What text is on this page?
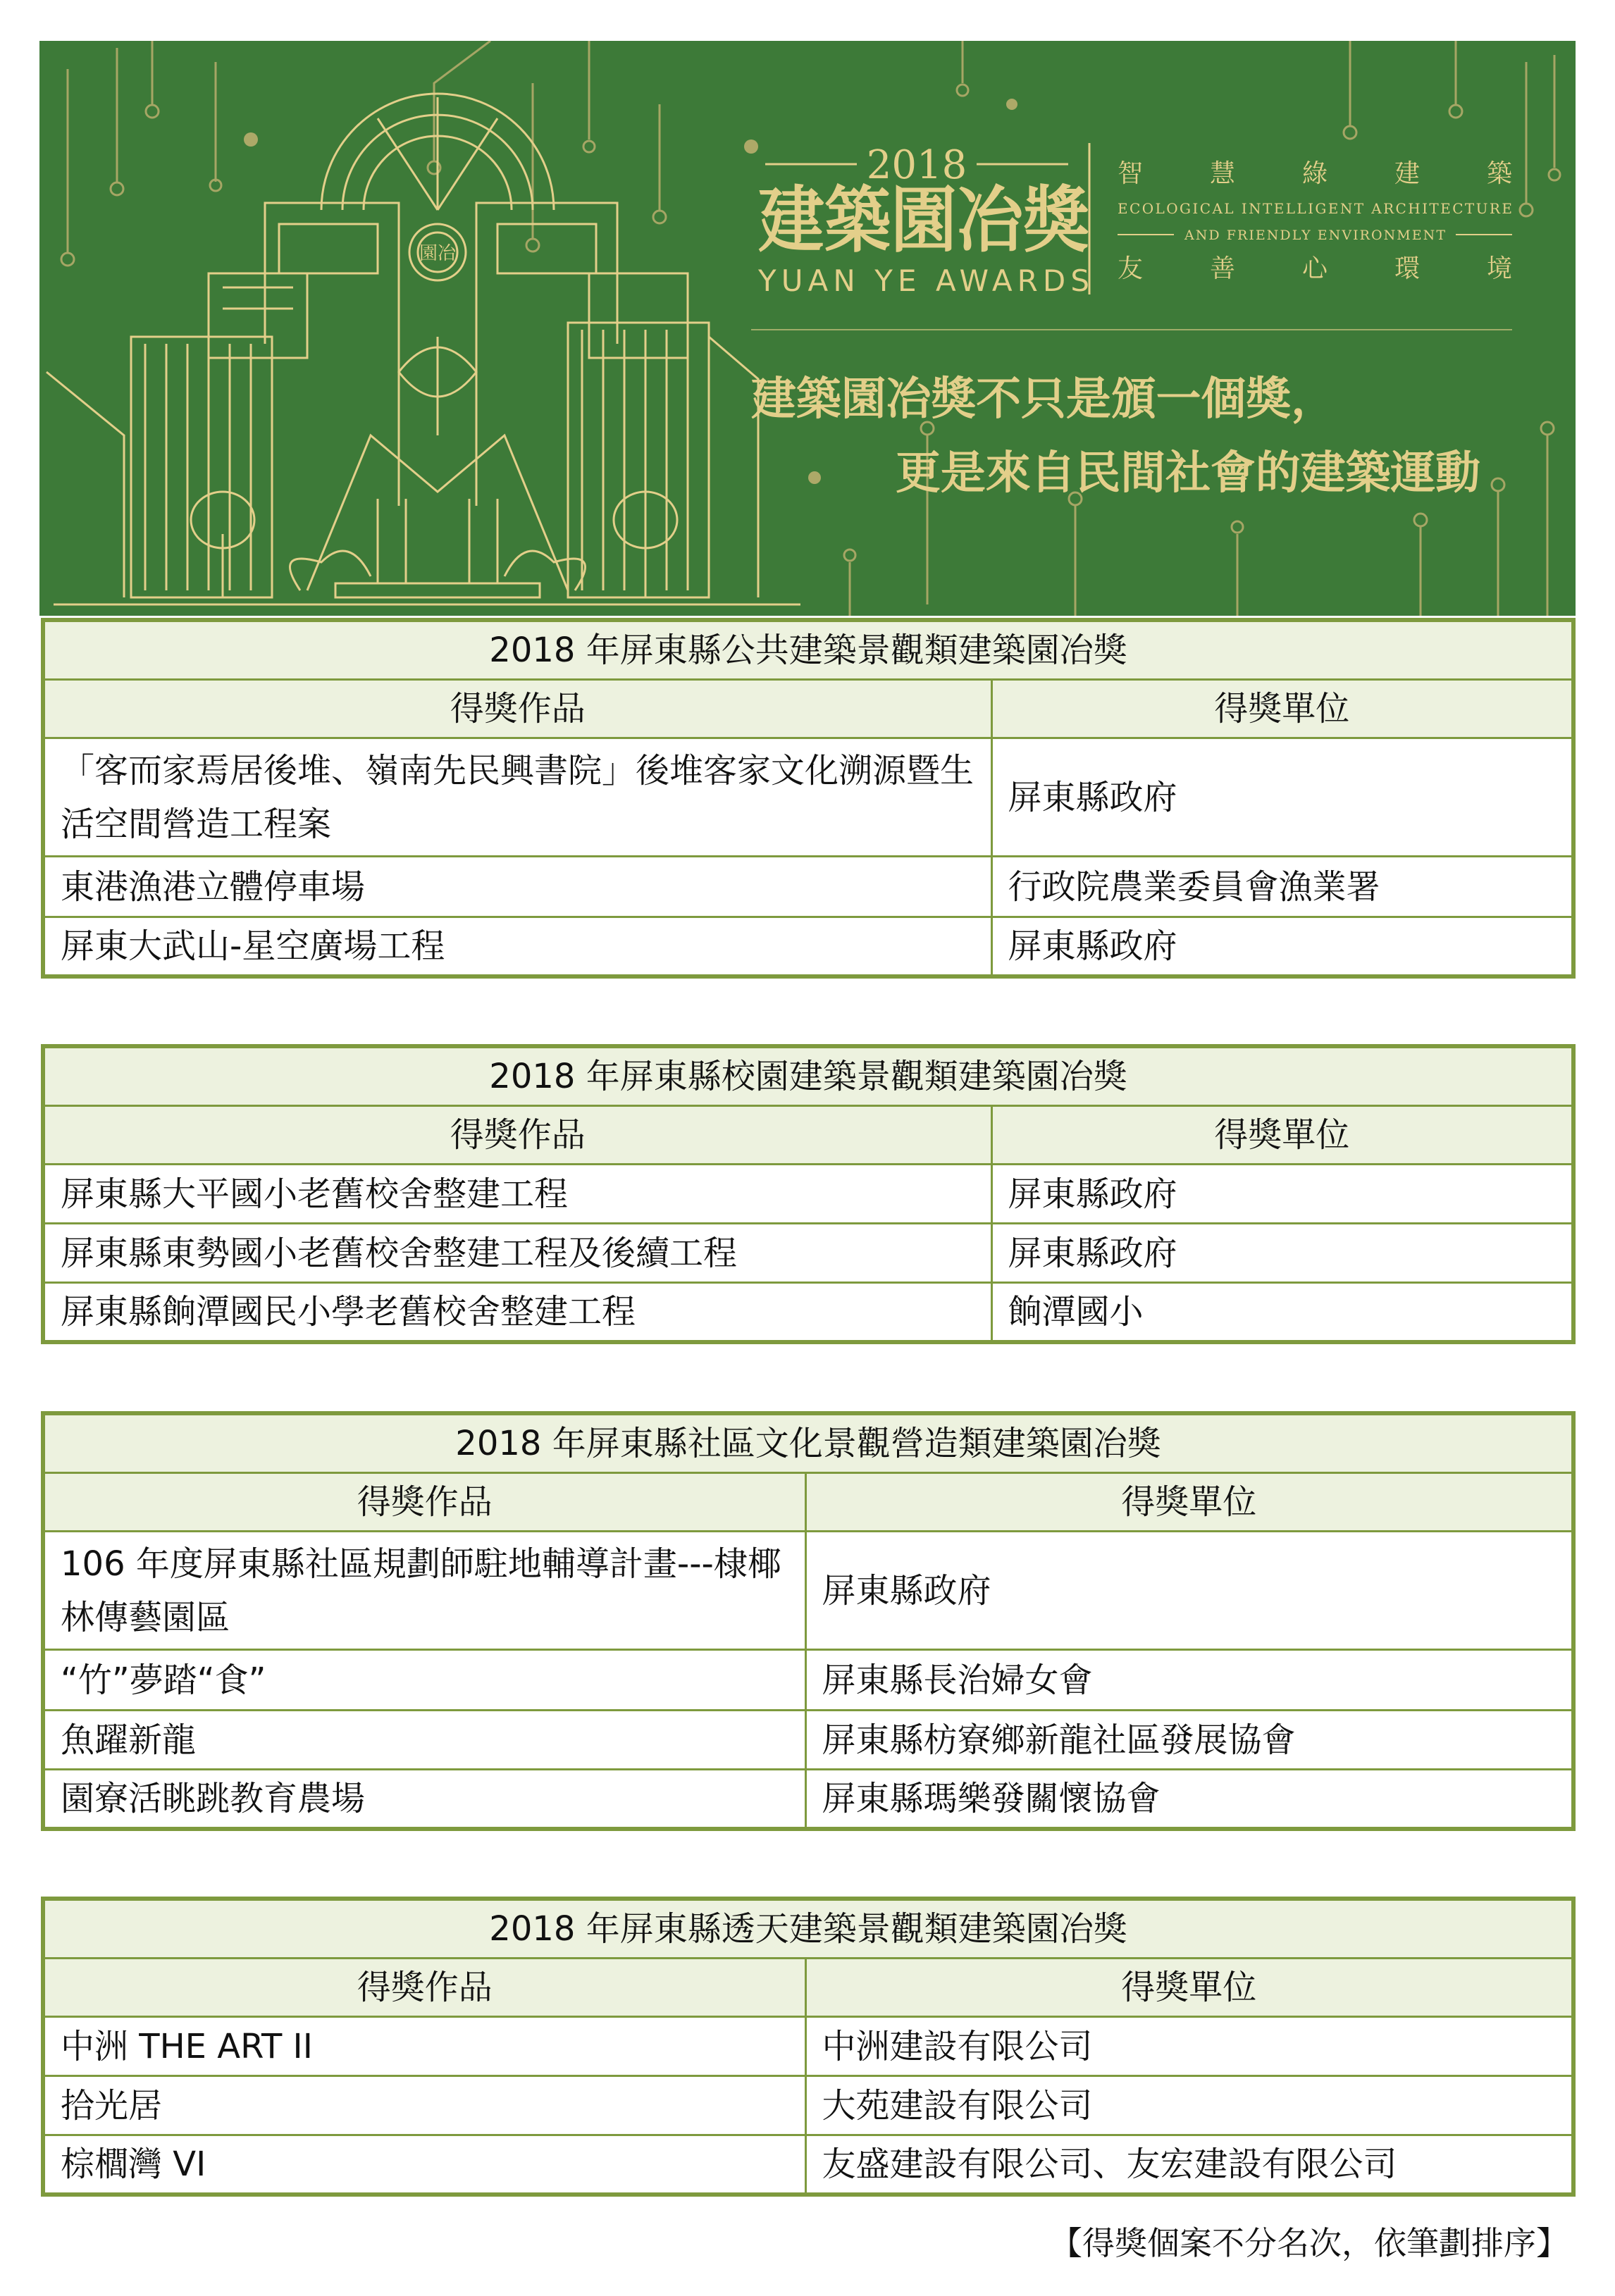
2018
建築園冶獎
YUAN YE AWARDS
智 慧 綠 建 築
ECOLOGICAL INTELLIGENT ARCHITECTURE
AND FRIENDLY ENVIRONMENT
友 善 心 環 境
建築園冶獎不只是頒一個獎，
更是來自民間社會的建築運動
園冶
2018 年屏東縣公共建築景觀類建築園冶獎	
得獎作品	得獎單位
「客而家焉居後堆、嶺南先民興書院」後堆客家文化溯源暨生活空間營造工程案	屏東縣政府
東港漁港立體停車場	行政院農業委員會漁業署
屏東大武山-星空廣場工程	屏東縣政府
2018 年屏東縣校園建築景觀類建築園冶獎	
得獎作品	得獎單位
屏東縣大平國小老舊校舍整建工程	屏東縣政府
屏東縣東勢國小老舊校舍整建工程及後續工程	屏東縣政府
屏東縣餉潭國民小學老舊校舍整建工程	餉潭國小
2018 年屏東縣社區文化景觀營造類建築園冶獎	
得獎作品	得獎單位
106 年度屏東縣社區規劃師駐地輔導計畫---棣椰林傳藝園區	屏東縣政府
“竹”夢踏“食”	屏東縣長治婦女會
魚躍新龍	屏東縣枋寮鄉新龍社區發展協會
園寮活眺跳教育農場	屏東縣瑪樂發關懷協會
2018 年屏東縣透天建築景觀類建築園冶獎	
得獎作品	得獎單位
中洲 THE ART II	中洲建設有限公司
拾光居	大苑建設有限公司
棕櫚灣 VI	友盛建設有限公司、友宏建設有限公司
【得獎個案不分名次，依筆劃排序】
